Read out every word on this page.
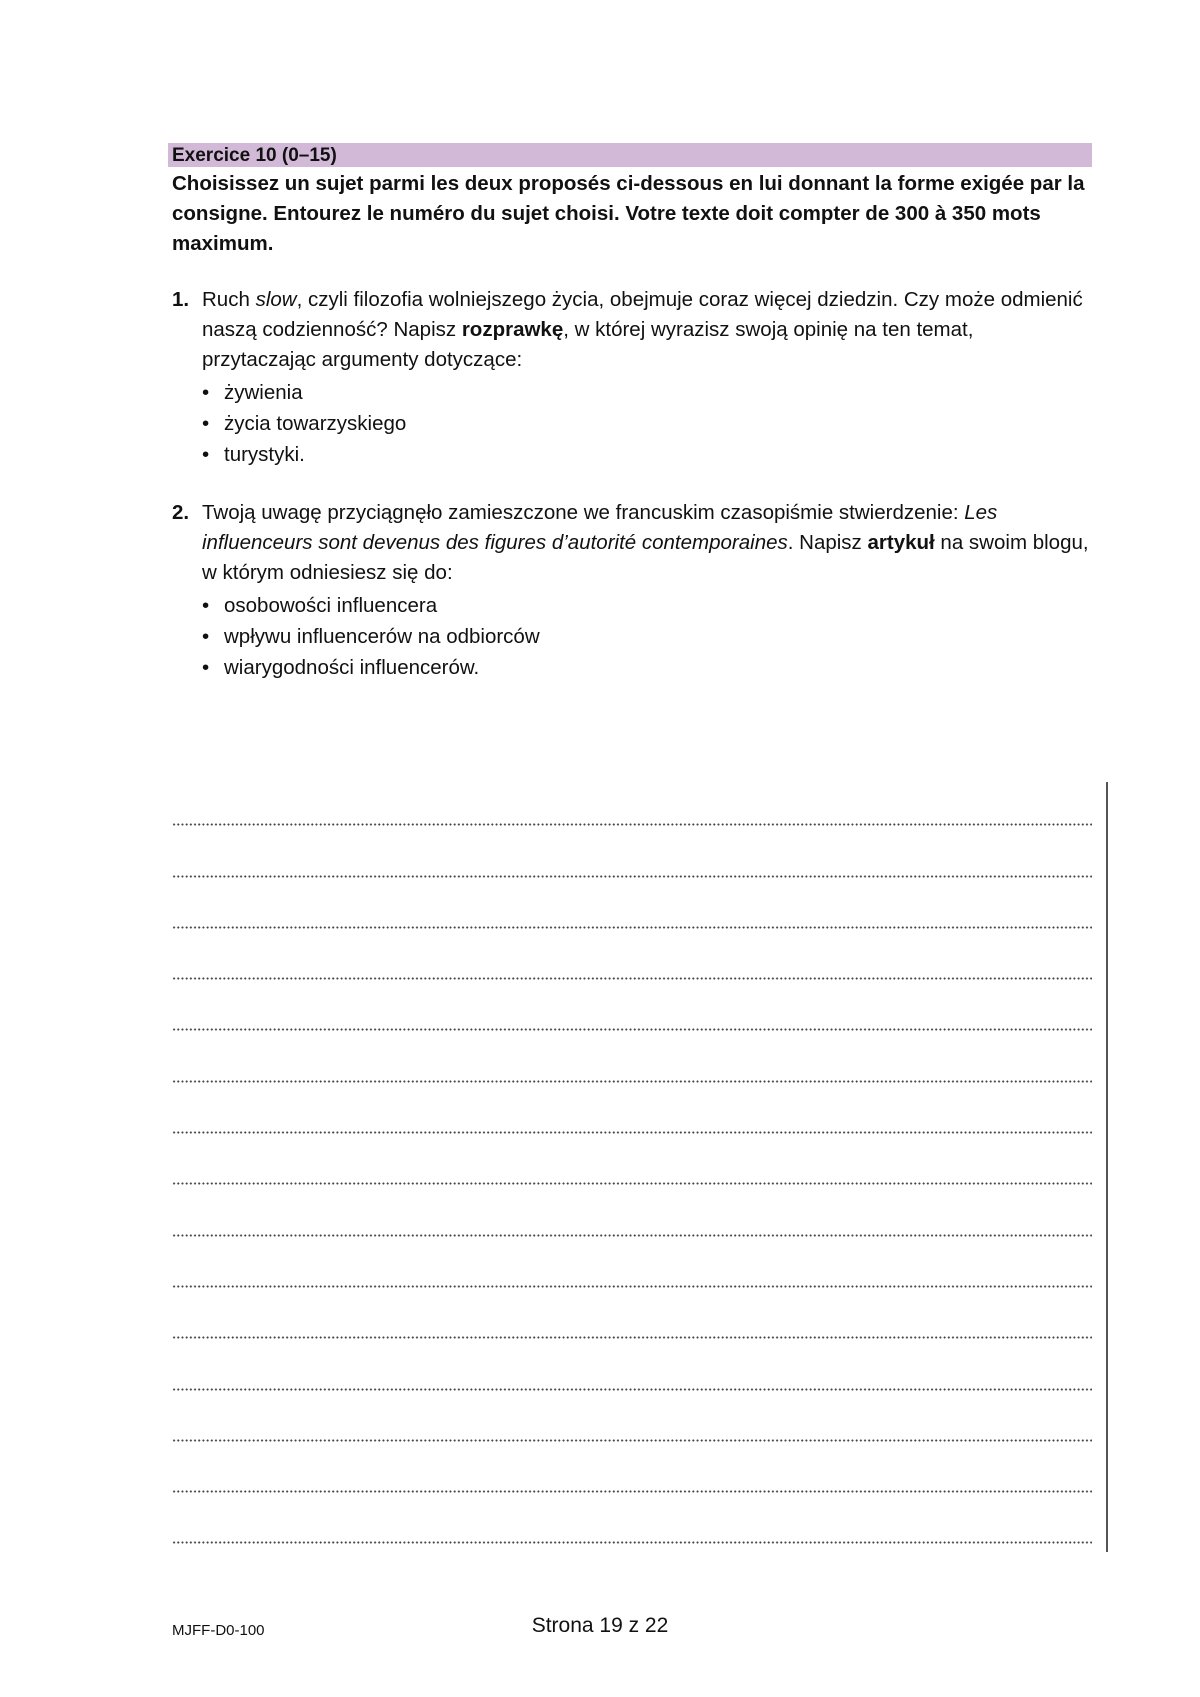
Exercice 10 (0–15)
Choisissez un sujet parmi les deux proposés ci-dessous en lui donnant la forme exigée par la consigne. Entourez le numéro du sujet choisi. Votre texte doit compter de 300 à 350 mots maximum.
1. Ruch slow, czyli filozofia wolniejszego życia, obejmuje coraz więcej dziedzin. Czy może odmienić naszą codzienność? Napisz rozprawkę, w której wyrazisz swoją opinię na ten temat, przytaczając argumenty dotyczące:
• żywienia
• życia towarzyskiego
• turystyki.
2. Twoją uwagę przyciągnęło zamieszczone we francuskim czasopiśmie stwierdzenie: Les influenceurs sont devenus des figures d’autorité contemporaines. Napisz artykuł na swoim blogu, w którym odniesiesz się do:
• osobowości influencera
• wpływu influencerów na odbiorców
• wiarygodności influencerów.
MJFF-D0-100	Strona 19 z 22
